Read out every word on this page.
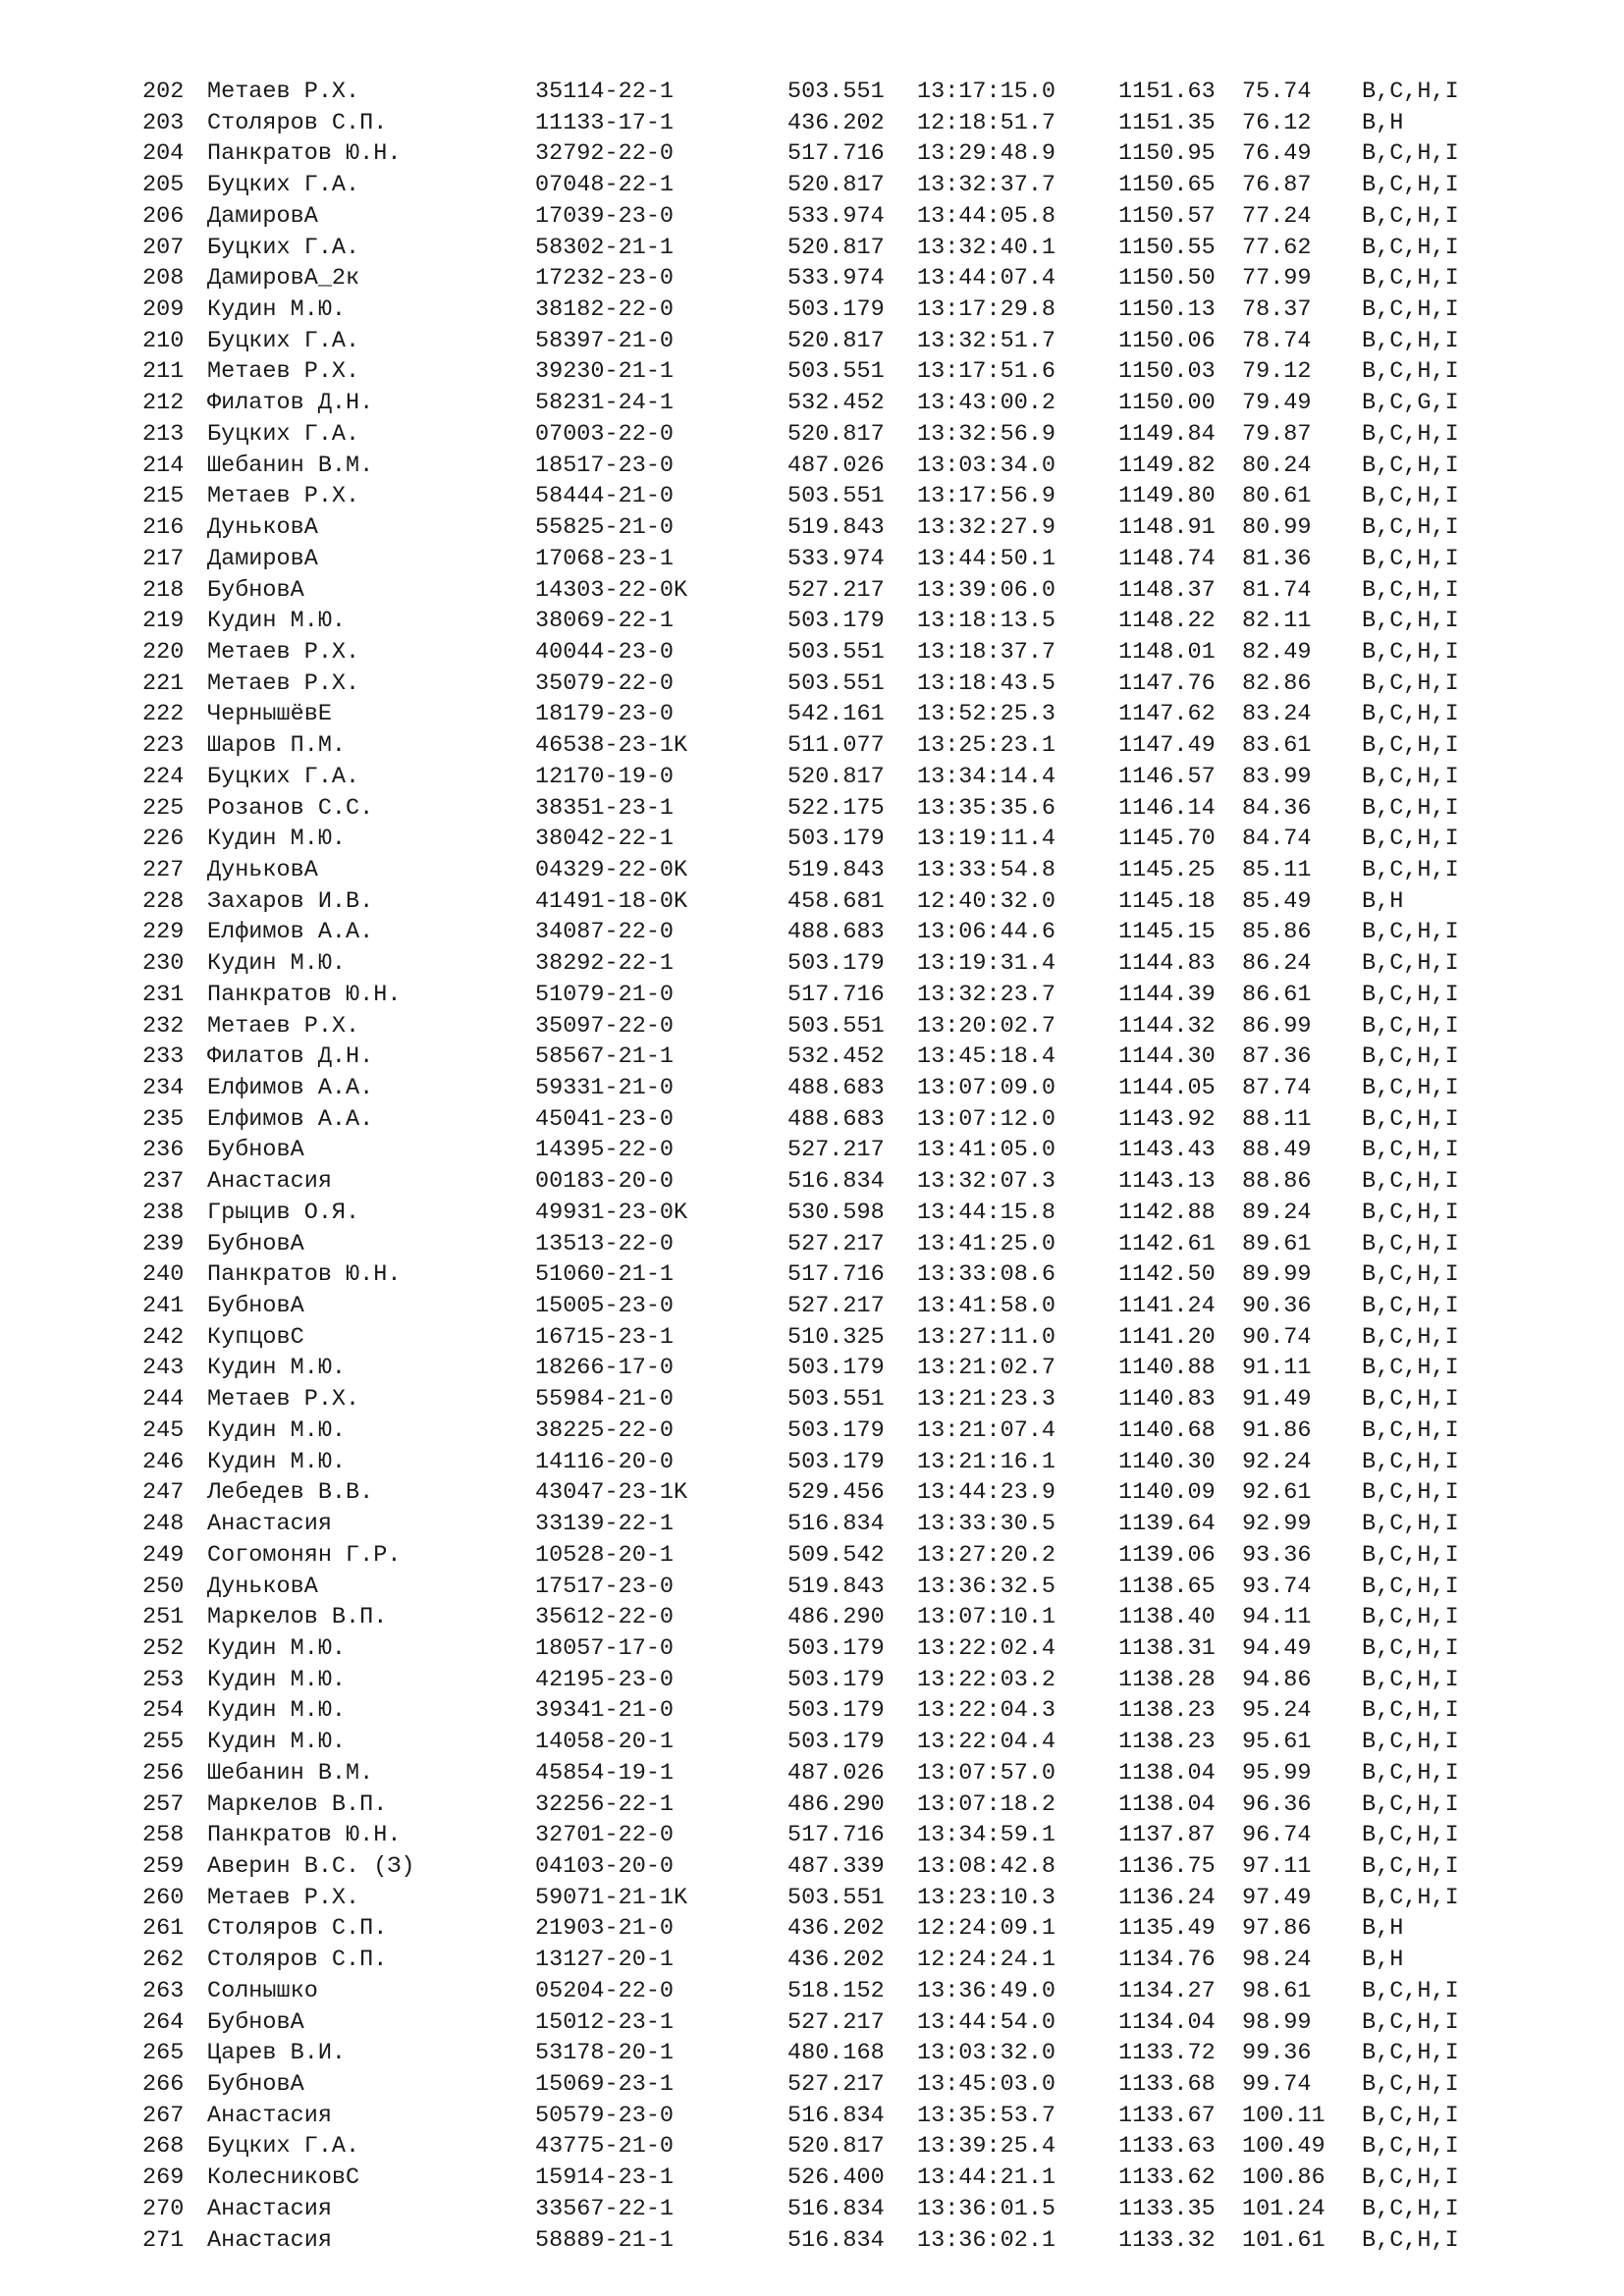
202 Метаев Р.Х.	35114-22-1	503.551 13:17:15.0	1151.63 75.74 B,C,H,I
203 Столяров С.П.	11133-17-1	436.202 12:18:51.7	1151.35 76.12 B,H
204 Панкратов Ю.Н.	32792-22-0	517.716 13:29:48.9	1150.95 76.49 B,C,H,I
205 Буцких Г.А.	07048-22-1	520.817 13:32:37.7	1150.65 76.87 B,C,H,I
206 ДамировА	17039-23-0	533.974 13:44:05.8	1150.57 77.24 B,C,H,I
207 Буцких Г.А.	58302-21-1	520.817 13:32:40.1	1150.55 77.62 B,C,H,I
208 ДамировА_2к	17232-23-0	533.974 13:44:07.4	1150.50 77.99 B,C,H,I
209 Кудин М.Ю.	38182-22-0	503.179 13:17:29.8	1150.13 78.37 B,C,H,I
210 Буцких Г.А.	58397-21-0	520.817 13:32:51.7	1150.06 78.74 B,C,H,I
211 Метаев Р.Х.	39230-21-1	503.551 13:17:51.6	1150.03 79.12 B,C,H,I
212 Филатов Д.Н.	58231-24-1	532.452 13:43:00.2	1150.00 79.49 B,C,G,I
213 Буцких Г.А.	07003-22-0	520.817 13:32:56.9	1149.84 79.87 B,C,H,I
214 Шебанин В.М.	18517-23-0	487.026 13:03:34.0	1149.82 80.24 B,C,H,I
215 Метаев Р.Х.	58444-21-0	503.551 13:17:56.9	1149.80 80.61 B,C,H,I
216 ДуньковА	55825-21-0	519.843 13:32:27.9	1148.91 80.99 B,C,H,I
217 ДамировА	17068-23-1	533.974 13:44:50.1	1148.74 81.36 B,C,H,I
218 БубновА	14303-22-0K	527.217 13:39:06.0	1148.37 81.74 B,C,H,I
219 Кудин М.Ю.	38069-22-1	503.179 13:18:13.5	1148.22 82.11 B,C,H,I
220 Метаев Р.Х.	40044-23-0	503.551 13:18:37.7	1148.01 82.49 B,C,H,I
221 Метаев Р.Х.	35079-22-0	503.551 13:18:43.5	1147.76 82.86 B,C,H,I
222 ЧернышёвЕ	18179-23-0	542.161 13:52:25.3	1147.62 83.24 B,C,H,I
223 Шаров П.М.	46538-23-1K	511.077 13:25:23.1	1147.49 83.61 B,C,H,I
224 Буцких Г.А.	12170-19-0	520.817 13:34:14.4	1146.57 83.99 B,C,H,I
225 Розанов С.С.	38351-23-1	522.175 13:35:35.6	1146.14 84.36 B,C,H,I
226 Кудин М.Ю.	38042-22-1	503.179 13:19:11.4	1145.70 84.74 B,C,H,I
227 ДуньковА	04329-22-0K	519.843 13:33:54.8	1145.25 85.11 B,C,H,I
228 Захаров И.В.	41491-18-0K	458.681 12:40:32.0	1145.18 85.49 B,H
229 Елфимов А.А.	34087-22-0	488.683 13:06:44.6	1145.15 85.86 B,C,H,I
230 Кудин М.Ю.	38292-22-1	503.179 13:19:31.4	1144.83 86.24 B,C,H,I
231 Панкратов Ю.Н.	51079-21-0	517.716 13:32:23.7	1144.39 86.61 B,C,H,I
232 Метаев Р.Х.	35097-22-0	503.551 13:20:02.7	1144.32 86.99 B,C,H,I
233 Филатов Д.Н.	58567-21-1	532.452 13:45:18.4	1144.30 87.36 B,C,H,I
234 Елфимов А.А.	59331-21-0	488.683 13:07:09.0	1144.05 87.74 B,C,H,I
235 Елфимов А.А.	45041-23-0	488.683 13:07:12.0	1143.92 88.11 B,C,H,I
236 БубновА	14395-22-0	527.217 13:41:05.0	1143.43 88.49 B,C,H,I
237 Анастасия	00183-20-0	516.834 13:32:07.3	1143.13 88.86 B,C,H,I
238 Грыцив О.Я.	49931-23-0K	530.598 13:44:15.8	1142.88 89.24 B,C,H,I
239 БубновА	13513-22-0	527.217 13:41:25.0	1142.61 89.61 B,C,H,I
240 Панкратов Ю.Н.	51060-21-1	517.716 13:33:08.6	1142.50 89.99 B,C,H,I
241 БубновА	15005-23-0	527.217 13:41:58.0	1141.24 90.36 B,C,H,I
242 КупцовС	16715-23-1	510.325 13:27:11.0	1141.20 90.74 B,C,H,I
243 Кудин М.Ю.	18266-17-0	503.179 13:21:02.7	1140.88 91.11 B,C,H,I
244 Метаев Р.Х.	55984-21-0	503.551 13:21:23.3	1140.83 91.49 B,C,H,I
245 Кудин М.Ю.	38225-22-0	503.179 13:21:07.4	1140.68 91.86 B,C,H,I
246 Кудин М.Ю.	14116-20-0	503.179 13:21:16.1	1140.30 92.24 B,C,H,I
247 Лебедев В.В.	43047-23-1K	529.456 13:44:23.9	1140.09 92.61 B,C,H,I
248 Анастасия	33139-22-1	516.834 13:33:30.5	1139.64 92.99 B,C,H,I
249 Согомонян Г.Р.	10528-20-1	509.542 13:27:20.2	1139.06 93.36 B,C,H,I
250 ДуньковА	17517-23-0	519.843 13:36:32.5	1138.65 93.74 B,C,H,I
251 Маркелов В.П.	35612-22-0	486.290 13:07:10.1	1138.40 94.11 B,C,H,I
252 Кудин М.Ю.	18057-17-0	503.179 13:22:02.4	1138.31 94.49 B,C,H,I
253 Кудин М.Ю.	42195-23-0	503.179 13:22:03.2	1138.28 94.86 B,C,H,I
254 Кудин М.Ю.	39341-21-0	503.179 13:22:04.3	1138.23 95.24 B,C,H,I
255 Кудин М.Ю.	14058-20-1	503.179 13:22:04.4	1138.23 95.61 B,C,H,I
256 Шебанин В.М.	45854-19-1	487.026 13:07:57.0	1138.04 95.99 B,C,H,I
257 Маркелов В.П.	32256-22-1	486.290 13:07:18.2	1138.04 96.36 B,C,H,I
258 Панкратов Ю.Н.	32701-22-0	517.716 13:34:59.1	1137.87 96.74 B,C,H,I
259 Аверин В.С. (З)	04103-20-0	487.339 13:08:42.8	1136.75 97.11 B,C,H,I
260 Метаев Р.Х.	59071-21-1K	503.551 13:23:10.3	1136.24 97.49 B,C,H,I
261 Столяров С.П.	21903-21-0	436.202 12:24:09.1	1135.49 97.86 B,H
262 Столяров С.П.	13127-20-1	436.202 12:24:24.1	1134.76 98.24 B,H
263 Солнышко	05204-22-0	518.152 13:36:49.0	1134.27 98.61 B,C,H,I
264 БубновА	15012-23-1	527.217 13:44:54.0	1134.04 98.99 B,C,H,I
265 Царев В.И.	53178-20-1	480.168 13:03:32.0	1133.72 99.36 B,C,H,I
266 БубновА	15069-23-1	527.217 13:45:03.0	1133.68 99.74 B,C,H,I
267 Анастасия	50579-23-0	516.834 13:35:53.7	1133.67 100.11 B,C,H,I
268 Буцких Г.А.	43775-21-0	520.817 13:39:25.4	1133.63 100.49 B,C,H,I
269 КолесниковС	15914-23-1	526.400 13:44:21.1	1133.62 100.86 B,C,H,I
270 Анастасия	33567-22-1	516.834 13:36:01.5	1133.35 101.24 B,C,H,I
271 Анастасия	58889-21-1	516.834 13:36:02.1	1133.32 101.61 B,C,H,I
